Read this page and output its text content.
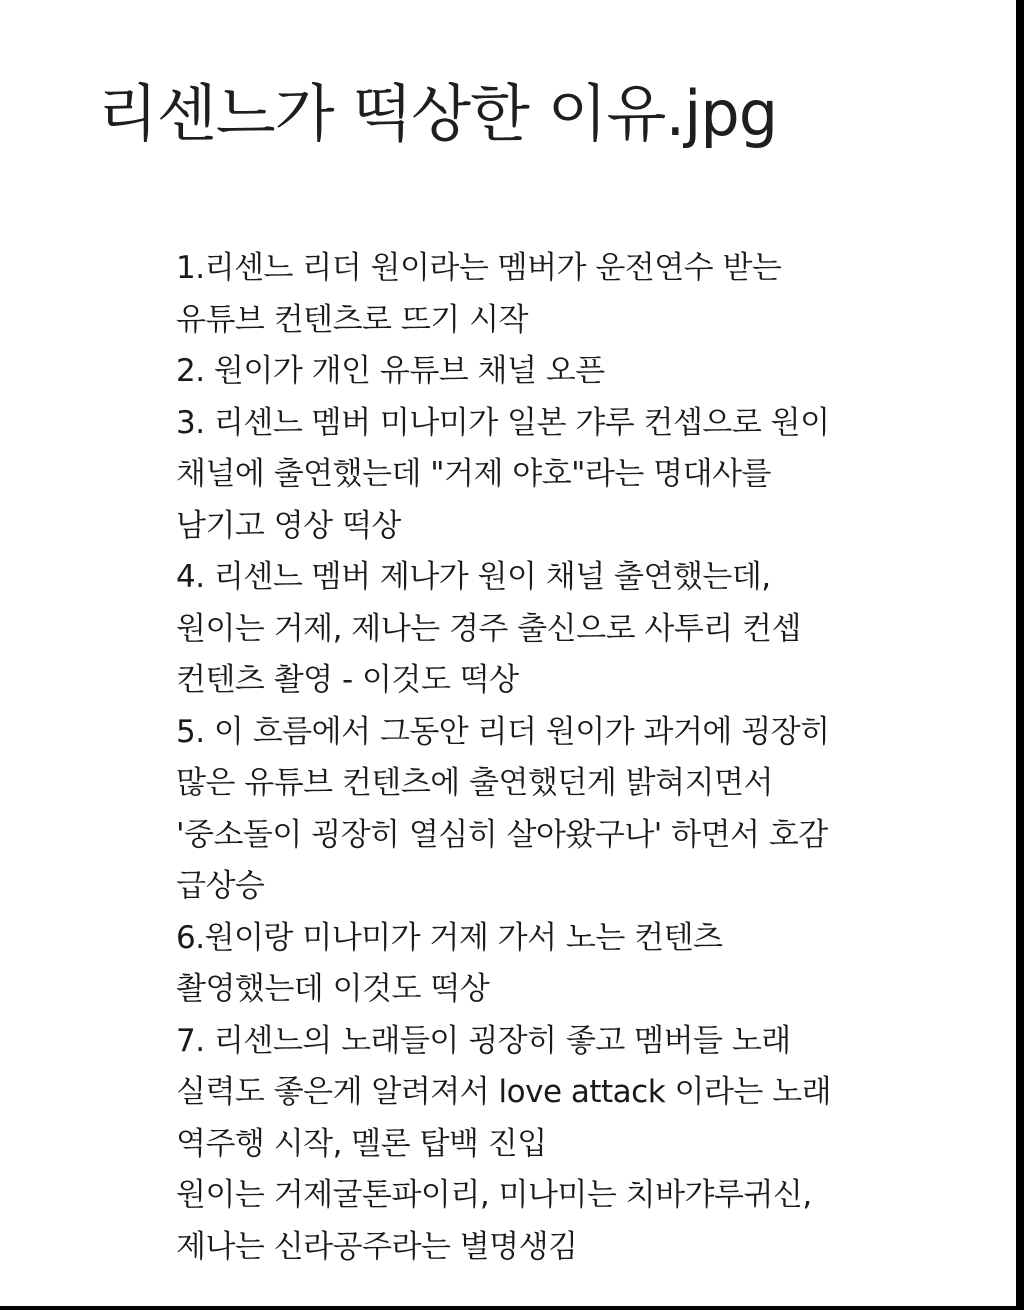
리센느가 떡상한 이유.jpg
1.리센느 리더 원이라는 멤버가 운전연수 받는
유튜브 컨텐츠로 뜨기 시작
2. 원이가 개인 유튜브 채널 오픈
3. 리센느 멤버 미나미가 일본 갸루 컨셉으로 원이
채널에 출연했는데 "거제 야호"라는 명대사를
남기고 영상 떡상
4. 리센느 멤버 제나가 원이 채널 출연했는데,
원이는 거제, 제나는 경주 출신으로 사투리 컨셉
컨텐츠 촬영 - 이것도 떡상
5. 이 흐름에서 그동안 리더 원이가 과거에 굉장히
많은 유튜브 컨텐츠에 출연했던게 밝혀지면서
'중소돌이 굉장히 열심히 살아왔구나' 하면서 호감
급상승
6.원이랑 미나미가 거제 가서 노는 컨텐츠
촬영했는데 이것도 떡상
7. 리센느의 노래들이 굉장히 좋고 멤버들 노래
실력도 좋은게 알려져서 love attack 이라는 노래
역주행 시작, 멜론 탑백 진입
원이는 거제굴톤파이리, 미나미는 치바갸루귀신,
제나는 신라공주라는 별명생김
